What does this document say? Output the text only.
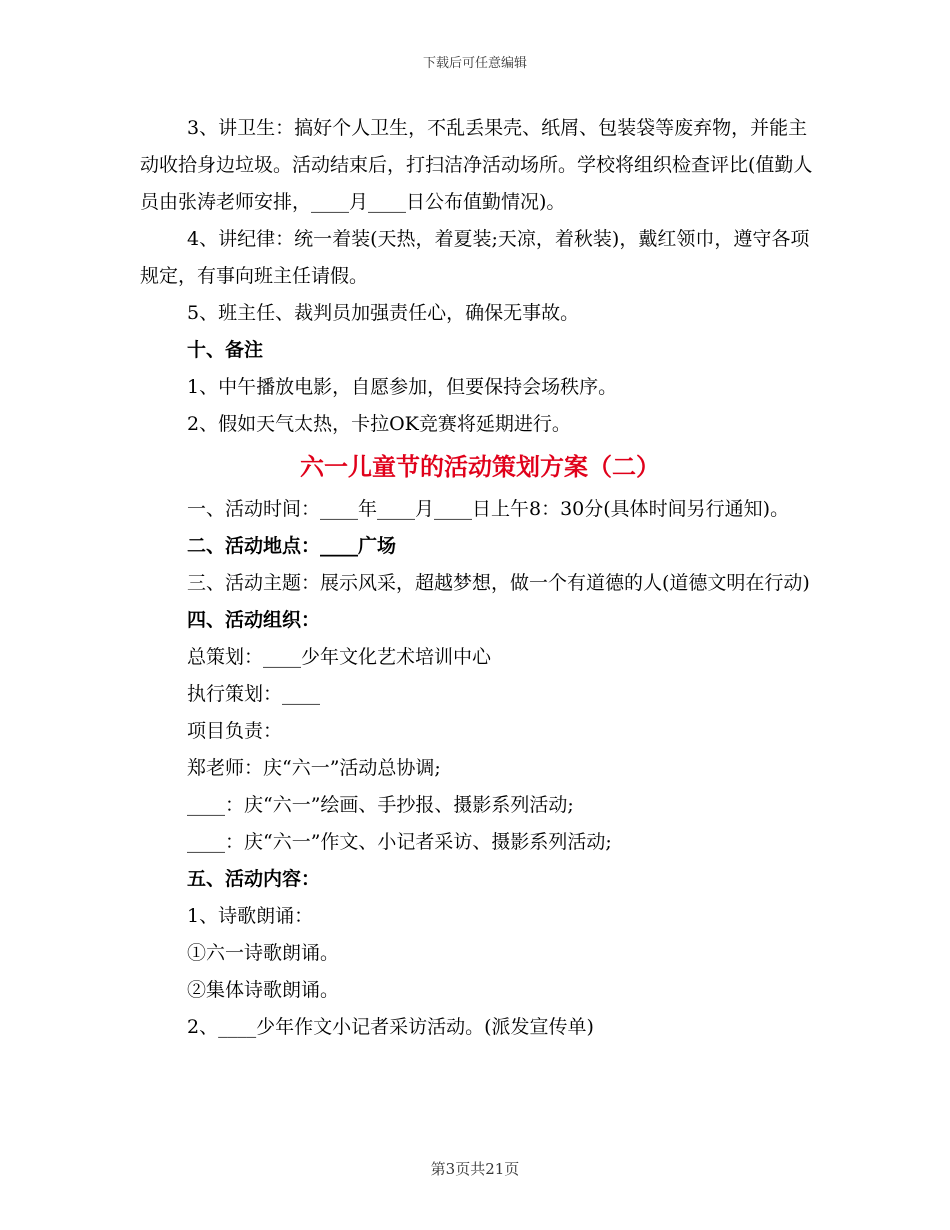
下载后可任意编辑

3、讲卫生：搞好个人卫生，不乱丢果壳、纸屑、包装袋等废弃物，并能主动收拾身边垃圾。活动结束后，打扫洁净活动场所。学校将组织检查评比(值勤人员由张涛老师安排，____月____日公布值勤情况)。

4、讲纪律：统一着装(天热，着夏装;天凉，着秋装)，戴红领巾，遵守各项规定，有事向班主任请假。

5、班主任、裁判员加强责任心，确保无事故。

十、备注

1、中午播放电影，自愿参加，但要保持会场秩序。

2、假如天气太热，卡拉OK竞赛将延期进行。

六一儿童节的活动策划方案（二）

一、活动时间：____年____月____日上午8：30分(具体时间另行通知)。

二、活动地点：____广场

三、活动主题：展示风采，超越梦想，做一个有道德的人(道德文明在行动)

四、活动组织：

总策划：____少年文化艺术培训中心

执行策划：____

项目负责：

郑老师：庆“六一”活动总协调;

____：庆“六一”绘画、手抄报、摄影系列活动;

____：庆“六一”作文、小记者采访、摄影系列活动;

五、活动内容：

1、诗歌朗诵：

①六一诗歌朗诵。

②集体诗歌朗诵。

2、____少年作文小记者采访活动。(派发宣传单)

第3页共21页
